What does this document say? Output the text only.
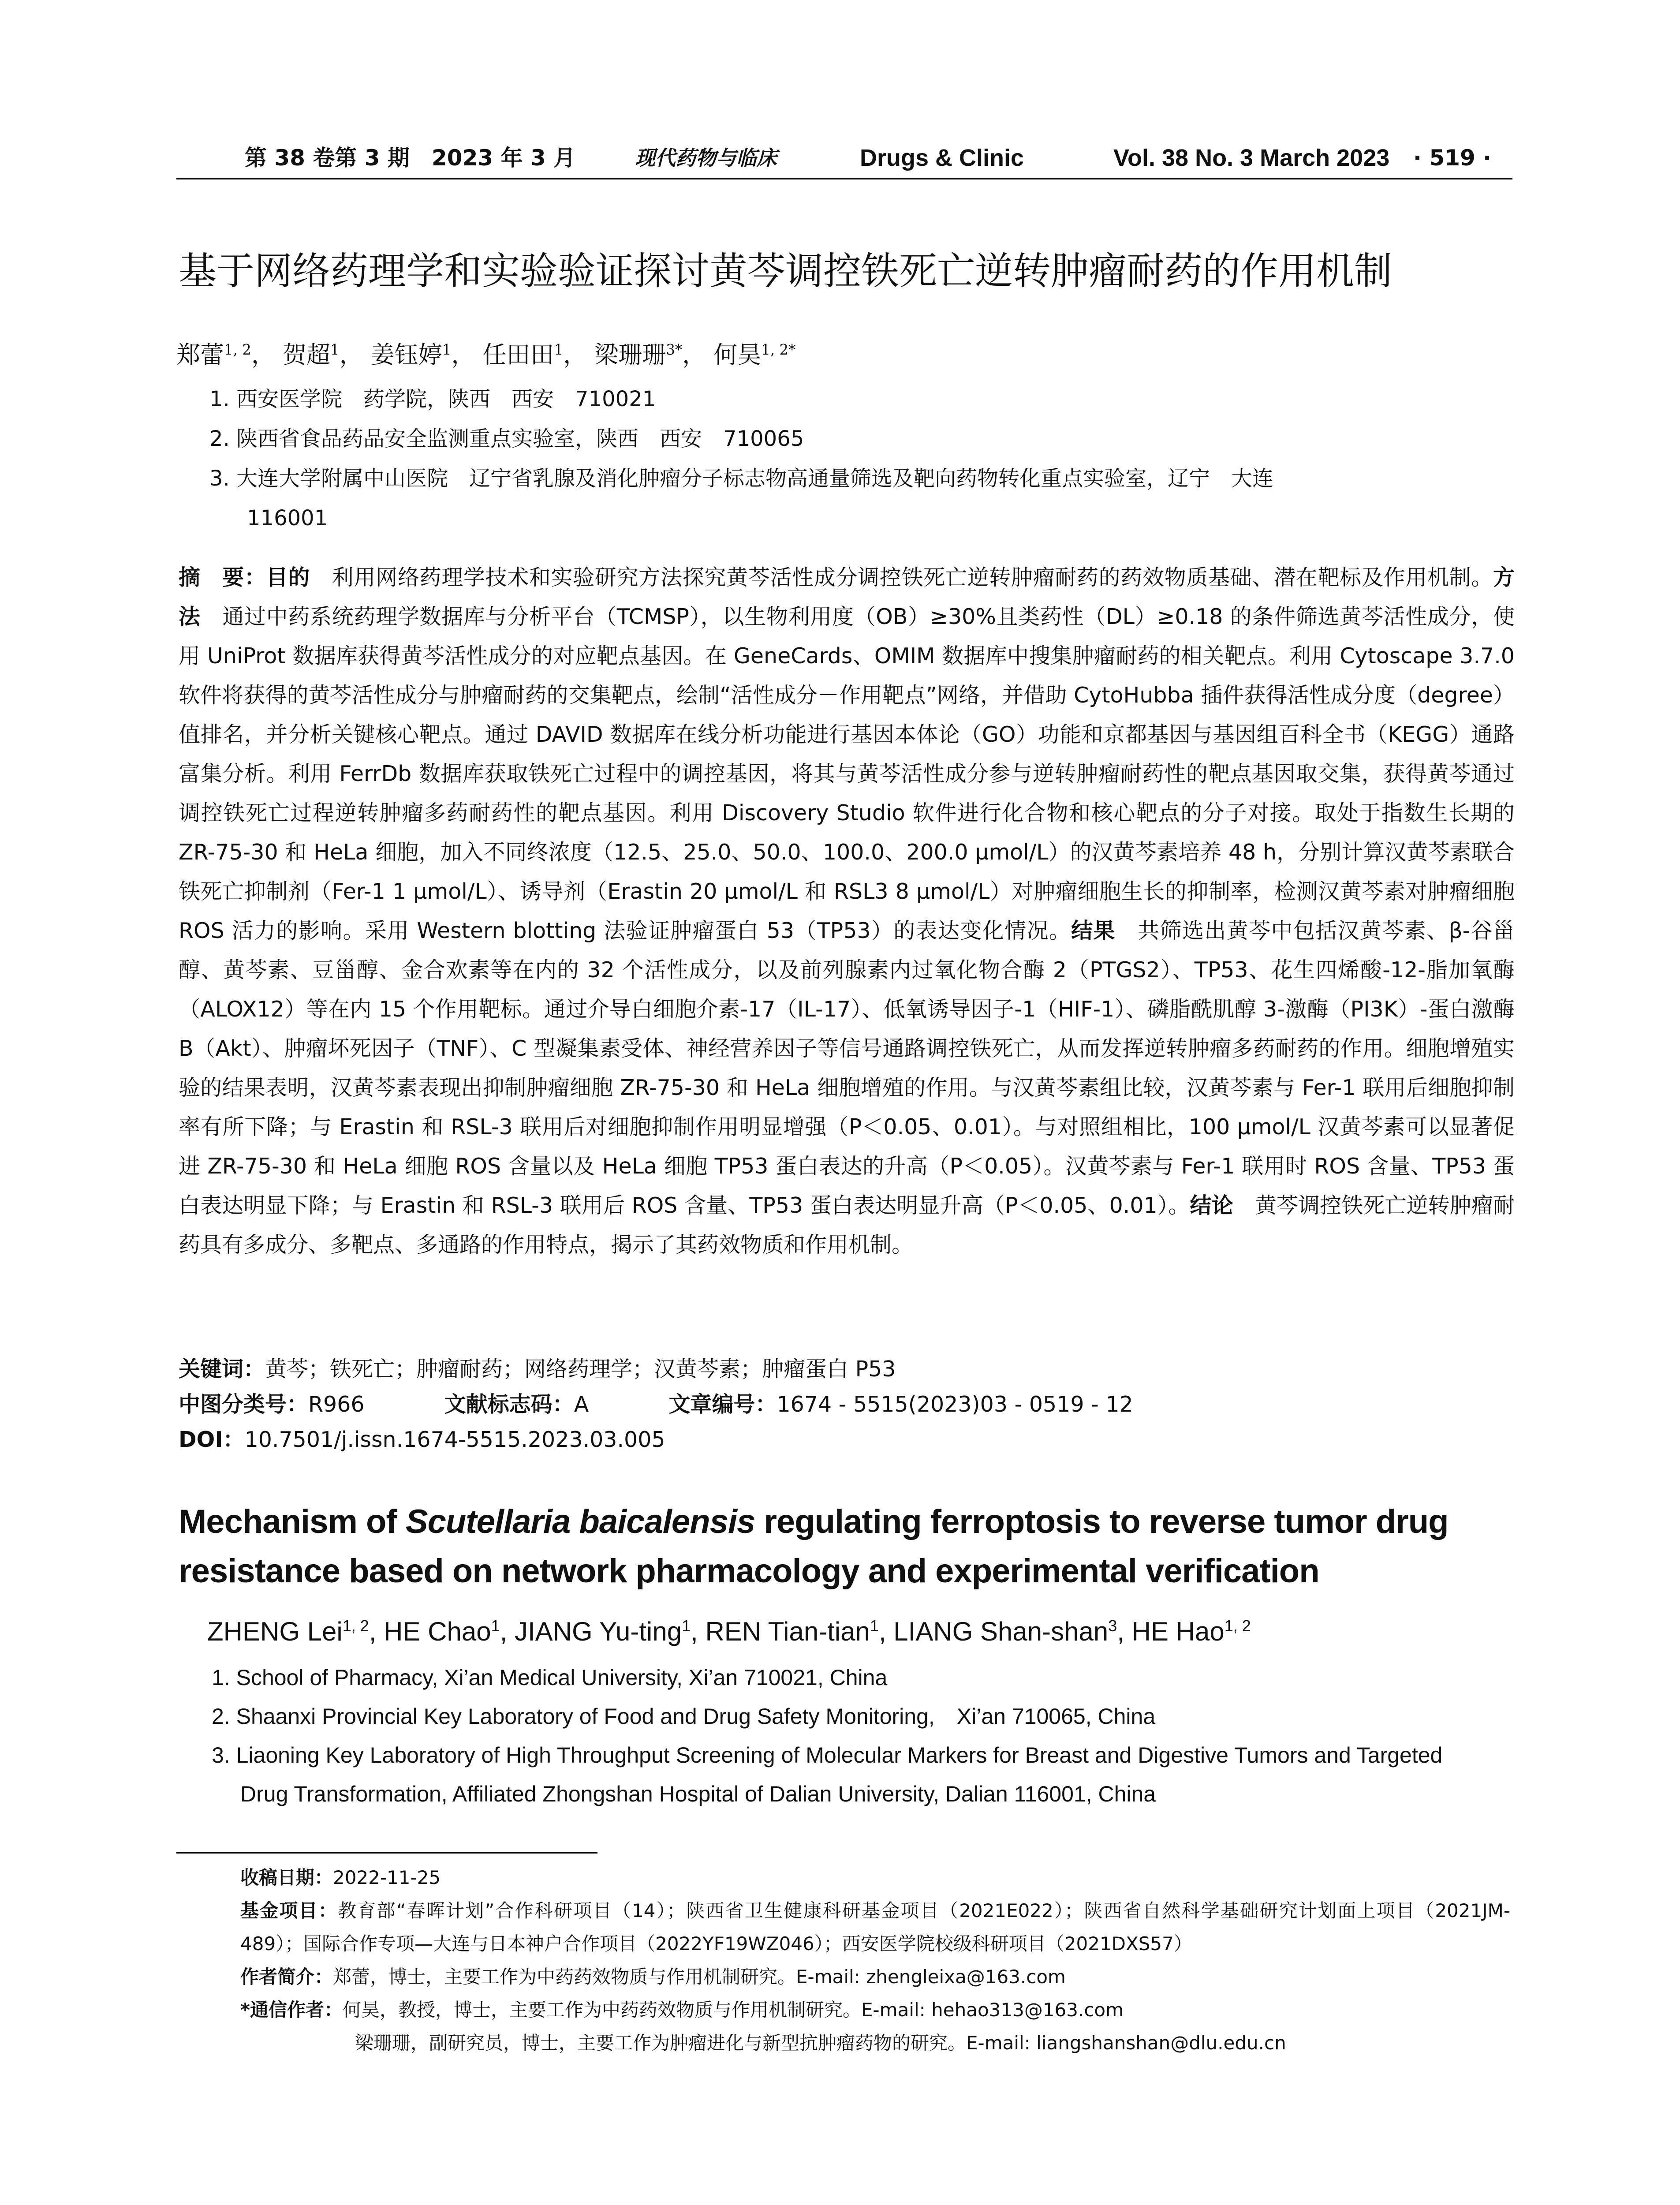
第 38 卷第 3 期　2023 年 3 月	现代药物与临床	Drugs & Clinic	Vol. 38 No. 3 March 2023 · 519 ·
基于网络药理学和实验验证探讨黄芩调控铁死亡逆转肿瘤耐药的作用机制
郑蕾$^{1, 2}$， 贺超$^1$， 姜钰婷$^1$， 任田田$^1$， 梁珊珊$^{3*}$， 何昊$^{1, 2*}$
1. 西安医学院　药学院，陕西　西安　710021
2. 陕西省食品药品安全监测重点实验室，陕西　西安　710065
3. 大连大学附属中山医院　辽宁省乳腺及消化肿瘤分子标志物高通量筛选及靶向药物转化重点实验室，辽宁　大连
116001
摘　要：目的　 利用网络药理学技术和实验研究方法探究黄芩活性成分调控铁死亡逆转肿瘤耐药的药效物质基础、潜在靶标及作用机制。方法　 通过中药系统药理学数据库与分析平台（TCMSP），以生物利用度（OB）≥30%且类药性（DL）≥0.18 的条件筛选黄芩活性成分，使用 UniProt 数据库获得黄芩活性成分的对应靶点基因。在 GeneCards、OMIM 数据库中搜集肿瘤耐药的相关靶点。利用 Cytoscape 3.7.0 软件将获得的黄芩活性成分与肿瘤耐药的交集靶点，绘制“活性成分－作用靶点”网络，并借助 CytoHubba 插件获得活性成分度（degree）值排名，并分析关键核心靶点。通过 DAVID 数据库在线分析功能进行基因本体论（GO）功能和京都基因与基因组百科全书（KEGG）通路富集分析。利用 FerrDb 数据库获取铁死亡过程中的调控基因，将其与黄芩活性成分参与逆转肿瘤耐药性的靶点基因取交集，获得黄芩通过调控铁死亡过程逆转肿瘤多药耐药性的靶点基因。利用 Discovery Studio 软件进行化合物和核心靶点的分子对接。取处于指数生长期的 ZR-75-30 和 HeLa 细胞，加入不同终浓度（12.5、25.0、50.0、100.0、200.0 μmol/L）的汉黄芩素培养 48 h，分别计算汉黄芩素联合铁死亡抑制剂（Fer-1 1 μmol/L）、诱导剂（Erastin 20 μmol/L 和 RSL3 8 μmol/L）对肿瘤细胞生长的抑制率，检测汉黄芩素对肿瘤细胞 ROS 活力的影响。采用 Western blotting 法验证肿瘤蛋白 53（TP53）的表达变化情况。结果　 共筛选出黄芩中包括汉黄芩素、β-谷甾醇、黄芩素、豆甾醇、金合欢素等在内的 32 个活性成分，以及前列腺素内过氧化物合酶 2（PTGS2）、TP53、花生四烯酸-12-脂加氧酶（ALOX12）等在内 15 个作用靶标。通过介导白细胞介素-17（IL-17）、低氧诱导因子-1（HIF-1）、磷脂酰肌醇 3-激酶（PI3K）-蛋白激酶 B（Akt）、肿瘤坏死因子（TNF）、C 型凝集素受体、神经营养因子等信号通路调控铁死亡，从而发挥逆转肿瘤多药耐药的作用。细胞增殖实验的结果表明，汉黄芩素表现出抑制肿瘤细胞 ZR-75-30 和 HeLa 细胞增殖的作用。与汉黄芩素组比较，汉黄芩素与 Fer-1 联用后细胞抑制率有所下降；与 Erastin 和 RSL-3 联用后对细胞抑制作用明显增强（P＜0.05、0.01）。与对照组相比，100 μmol/L 汉黄芩素可以显著促进 ZR-75-30 和 HeLa 细胞 ROS 含量以及 HeLa 细胞 TP53 蛋白表达的升高（P＜0.05）。汉黄芩素与 Fer-1 联用时 ROS 含量、TP53 蛋白表达明显下降；与 Erastin 和 RSL-3 联用后 ROS 含量、TP53 蛋白表达明显升高（P＜0.05、0.01）。结论　 黄芩调控铁死亡逆转肿瘤耐药具有多成分、多靶点、多通路的作用特点，揭示了其药效物质和作用机制。
关键词：黄芩；铁死亡；肿瘤耐药；网络药理学；汉黄芩素；肿瘤蛋白 P53
中图分类号：R966	文献标志码：A	文章编号：1674 - 5515(2023)03 - 0519 - 12
DOI：10.7501/j.issn.1674-5515.2023.03.005
Mechanism of Scutellaria baicalensis regulating ferroptosis to reverse tumor drug resistance based on network pharmacology and experimental verification
ZHENG Lei$^{1, 2}$, HE Chao$^1$, JIANG Yu-ting$^1$, REN Tian-tian$^1$, LIANG Shan-shan$^3$, HE Hao$^{1, 2}$
1. School of Pharmacy, Xi’an Medical University, Xi’an 710021, China
2. Shaanxi Provincial Key Laboratory of Food and Drug Safety Monitoring,　Xi’an 710065, China
3. Liaoning Key Laboratory of High Throughput Screening of Molecular Markers for Breast and Digestive Tumors and Targeted
Drug Transformation, Affiliated Zhongshan Hospital of Dalian University, Dalian 116001, China
收稿日期：2022-11-25
基金项目：教育部“春晖计划”合作科研项目（14）；陕西省卫生健康科研基金项目（2021E022）；陕西省自然科学基础研究计划面上项目（2021JM-489）；国际合作专项—大连与日本神户合作项目（2022YF19WZ046）；西安医学院校级科研项目（2021DXS57）
作者简介：郑蕾，博士，主要工作为中药药效物质与作用机制研究。E-mail: zhengleixa@163.com
*通信作者：何昊，教授，博士，主要工作为中药药效物质与作用机制研究。E-mail: hehao313@163.com
梁珊珊，副研究员，博士，主要工作为肿瘤进化与新型抗肿瘤药物的研究。E-mail: liangshanshan@dlu.edu.cn
